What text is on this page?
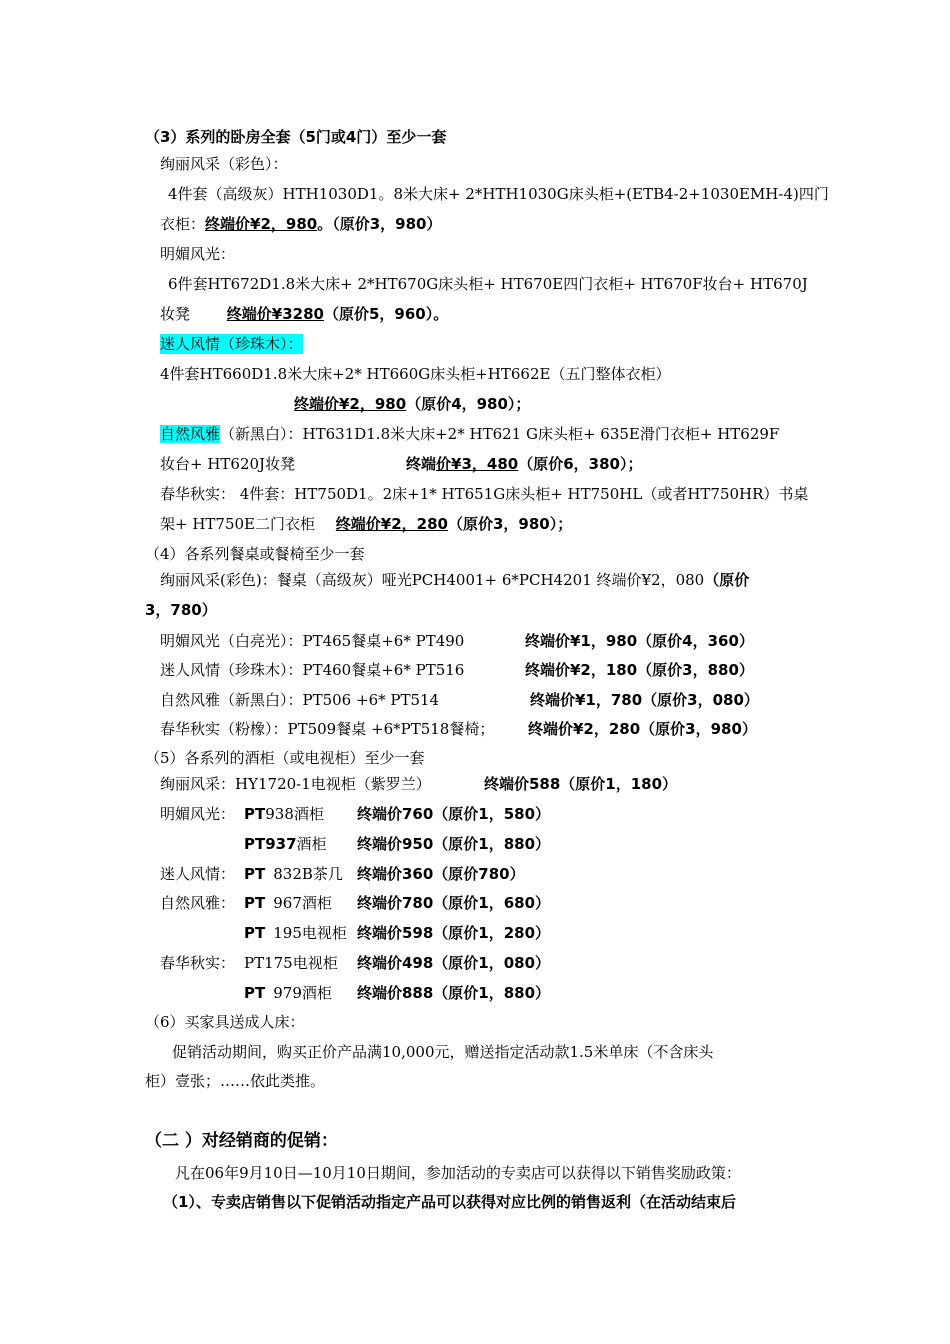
（3）系列的卧房全套（5门或4门）至少一套
绚丽风采（彩色）：
4件套（高级灰）HTH1030D1。8米大床+ 2*HTH1030G床头柜+(ETB4-2+1030EMH-4)四门
衣柜：终端价¥2，980。（原价3，980）
明媚风光：
6件套HT672D1.8米大床+ 2*HT670G床头柜+ HT670E四门衣柜+ HT670F妆台+ HT670J
妆凳 终端价¥3280（原价5，960）。
迷人风情（珍珠木）：
4件套HT660D1.8米大床+2* HT660G床头柜+HT662E（五门整体衣柜）
终端价¥2，980（原价4，980）；
自然风雅（新黑白）：HT631D1.8米大床+2* HT621 G床头柜+ 635E滑门衣柜+ HT629F
妆台+ HT620J妆凳	终端价¥3，480（原价6，380）；
春华秋实： 4件套：HT750D1。2床+1* HT651G床头柜+ HT750HL（或者HT750HR）书桌
架+ HT750E二门衣柜 终端价¥2，280（原价3，980）；
（4）各系列餐桌或餐椅至少一套
绚丽风采(彩色)：餐桌（高级灰）哑光PCH4001+ 6*PCH4201 终端价¥2，080（原价
3，780）
明媚风光（白亮光）：PT465餐桌+6* PT490	终端价¥1，980（原价4，360）
迷人风情（珍珠木）：PT460餐桌+6* PT516	终端价¥2，180（原价3，880）
自然风雅（新黑白）：PT506 +6* PT514	终端价¥1，780（原价3，080）
春华秋实（粉橡）：PT509餐桌 +6*PT518餐椅； 终端价¥2，280（原价3，980）
（5）各系列的酒柜（或电视柜）至少一套
绚丽风采：HY1720-1电视柜（紫罗兰）	终端价588（原价1，180）
明媚风光： PT938酒柜 终端价760（原价1，580）
PT937酒柜 终端价950（原价1，880）
迷人风情： PT 832B茶几 终端价360（原价780）
自然风雅： PT 967酒柜 终端价780（原价1，680）
PT 195电视柜 终端价598（原价1，280）
春华秋实： PT175电视柜 终端价498（原价1，080）
PT 979酒柜 终端价888（原价1，880）
（6）买家具送成人床：
促销活动期间，购买正价产品满10,000元，赠送指定活动款1.5米单床（不含床头
柜）壹张；……依此类推。
（二 ）对经销商的促销：
凡在06年9月10日—10月10日期间，参加活动的专卖店可以获得以下销售奖励政策：
（1）、专卖店销售以下促销活动指定产品可以获得对应比例的销售返利（在活动结束后
